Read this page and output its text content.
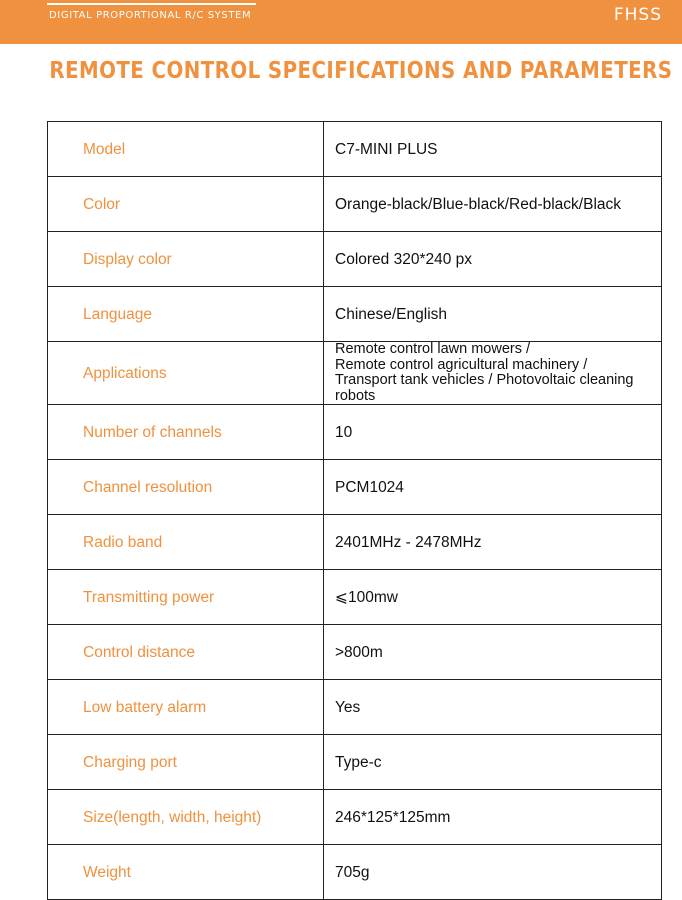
DIGITAL PROPORTIONAL R/C SYSTEM	FHSS
REMOTE CONTROL SPECIFICATIONS AND PARAMETERS
Model	C7-MINI PLUS
Color	Orange-black/Blue-black/Red-black/Black
Display color	Colored 320*240 px
Language	Chinese/English
Applications	Remote control lawn mowers /
Remote control agricultural machinery /
Transport tank vehicles / Photovoltaic cleaning robots
Number of channels	10
Channel resolution	PCM1024
Radio band	2401MHz - 2478MHz
Transmitting power	⩽100mw
Control distance	>800m
Low battery alarm	Yes
Charging port	Type-c
Size(length, width, height)	246*125*125mm
Weight	705g
